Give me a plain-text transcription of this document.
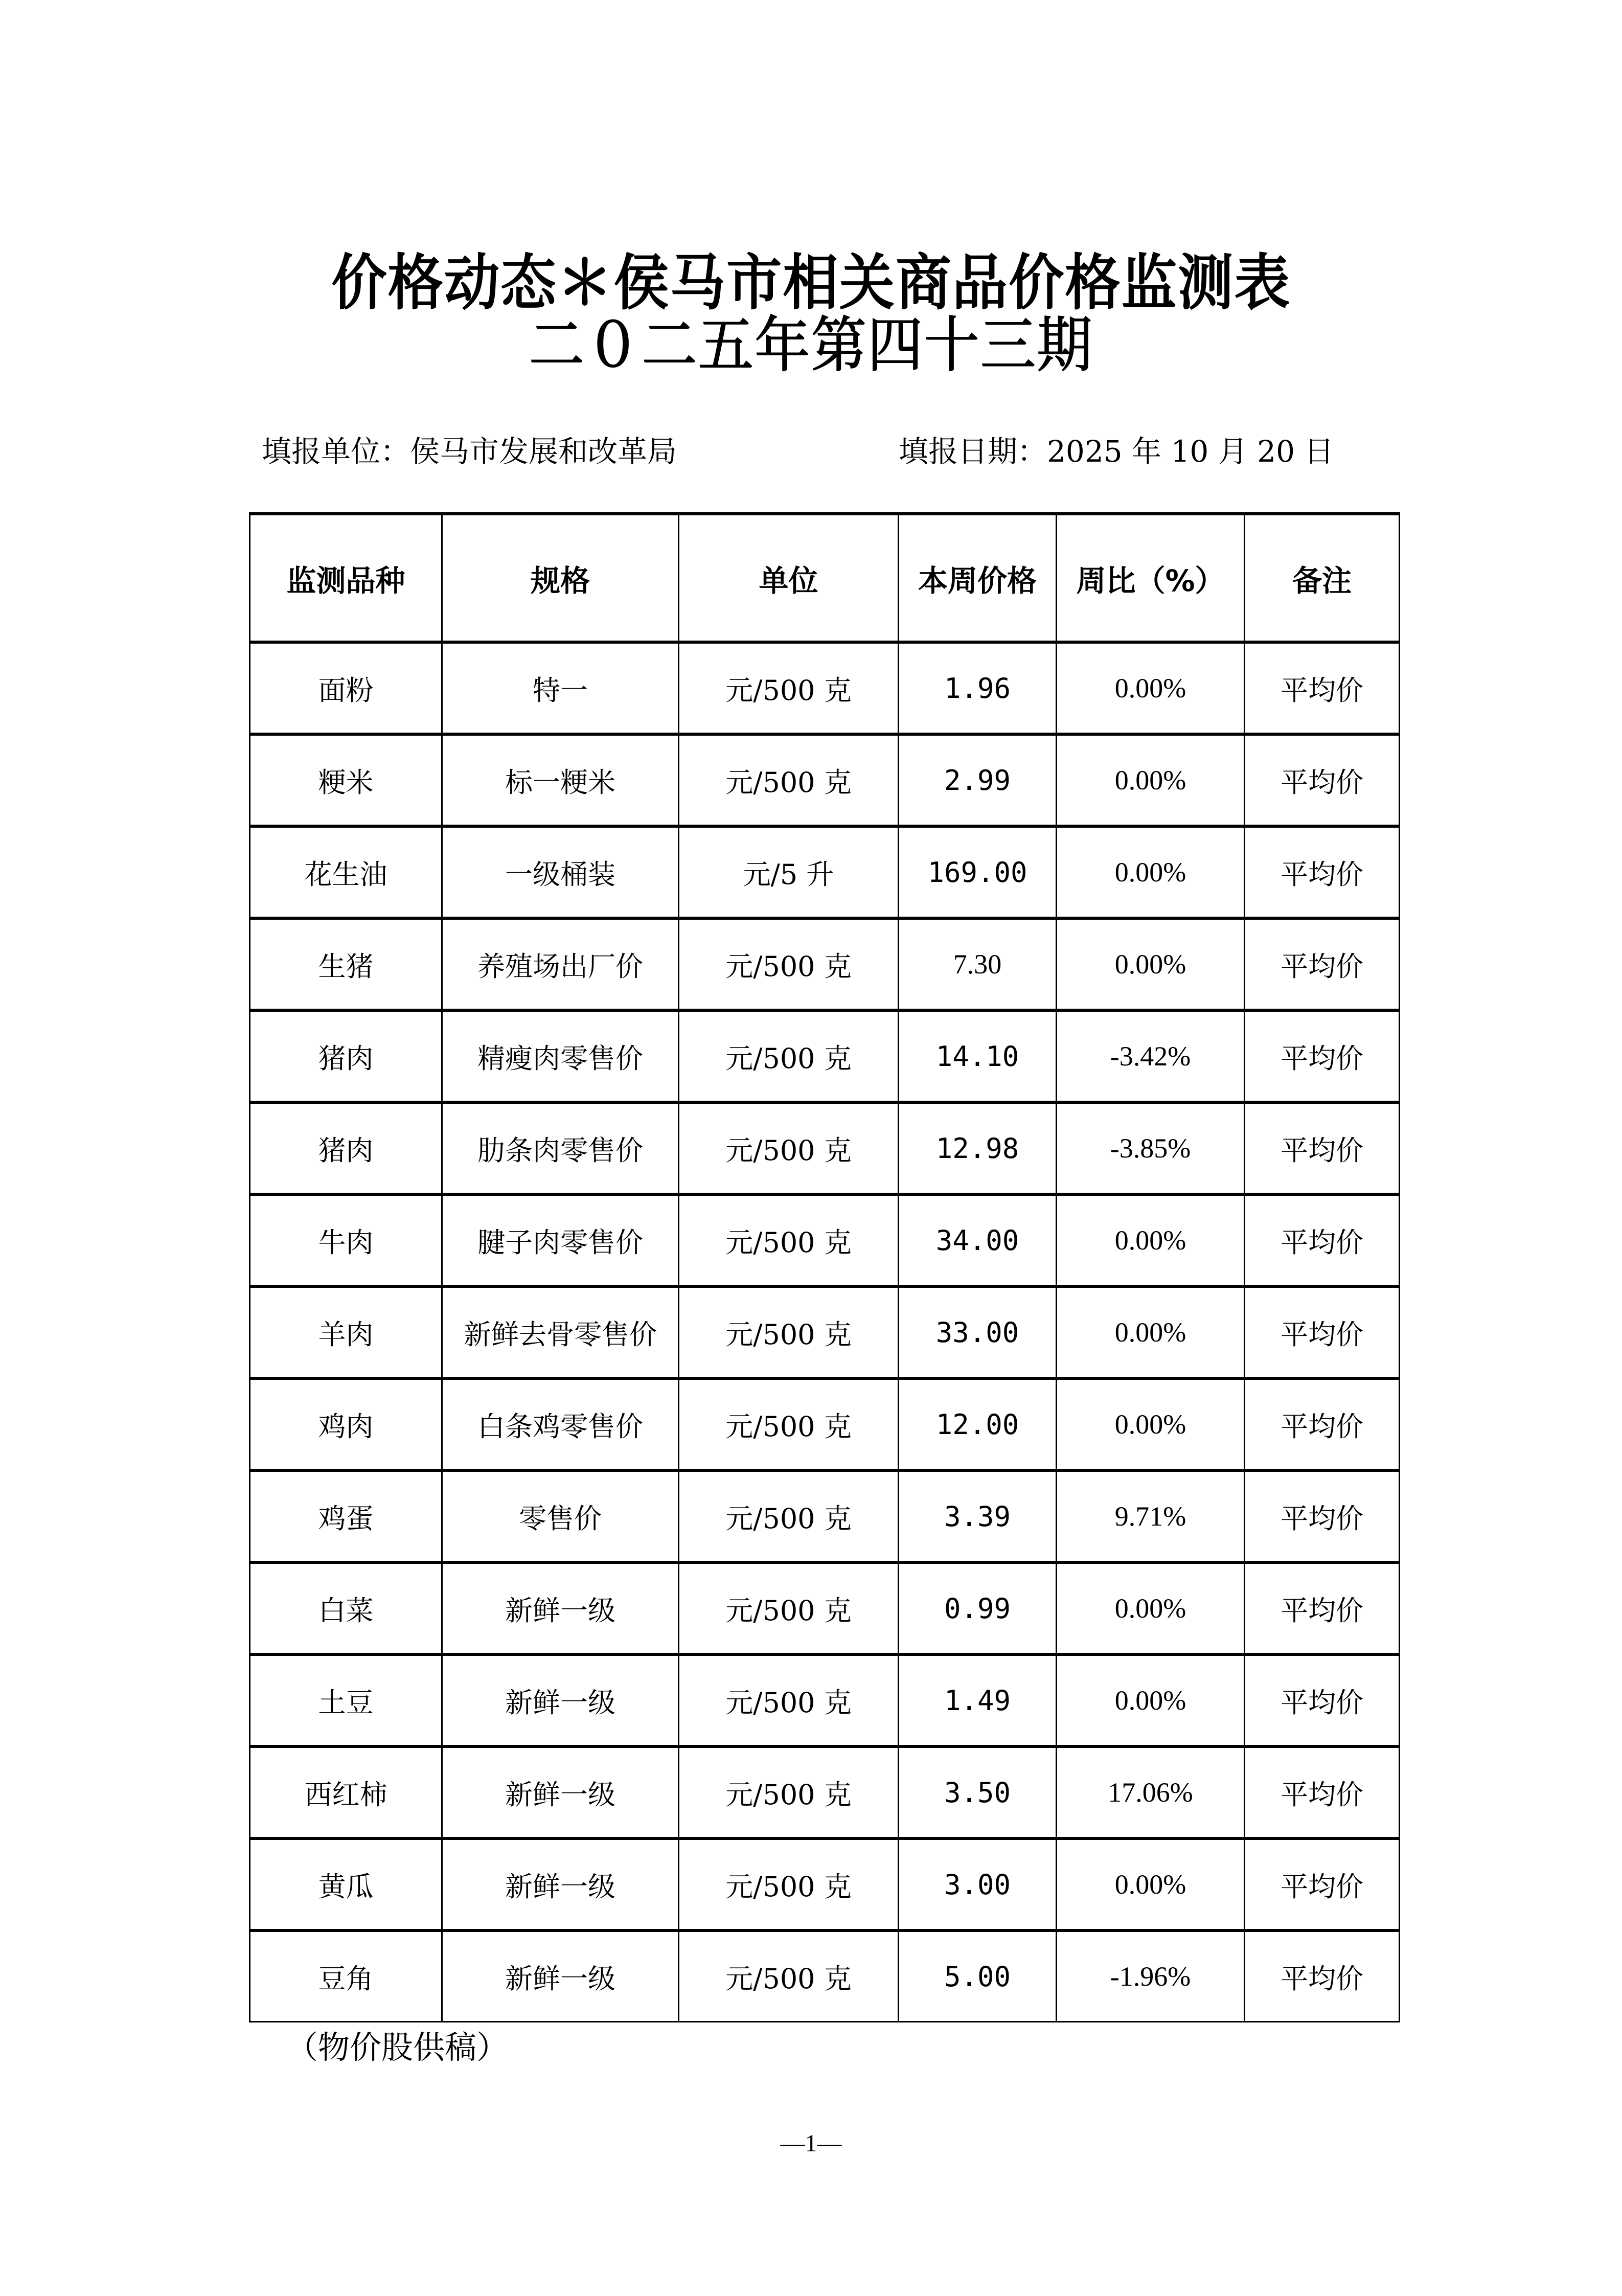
价格动态＊侯马市相关商品价格监测表
二０二五年第四十三期
填报单位：侯马市发展和改革局	填报日期：2025 年 10 月 20 日
监测品种	规格	单位	本周价格	周比（%）	备注
面粉	特一	元/500 克	1.96	0.00%	平均价
粳米	标一粳米	元/500 克	2.99	0.00%	平均价
花生油	一级桶装	元/5 升	169.00	0.00%	平均价
生猪	养殖场出厂价	元/500 克	7.30	0.00%	平均价
猪肉	精瘦肉零售价	元/500 克	14.10	-3.42%	平均价
猪肉	肋条肉零售价	元/500 克	12.98	-3.85%	平均价
牛肉	腱子肉零售价	元/500 克	34.00	0.00%	平均价
羊肉	新鲜去骨零售价	元/500 克	33.00	0.00%	平均价
鸡肉	白条鸡零售价	元/500 克	12.00	0.00%	平均价
鸡蛋	零售价	元/500 克	3.39	9.71%	平均价
白菜	新鲜一级	元/500 克	0.99	0.00%	平均价
土豆	新鲜一级	元/500 克	1.49	0.00%	平均价
西红柿	新鲜一级	元/500 克	3.50	17.06%	平均价
黄瓜	新鲜一级	元/500 克	3.00	0.00%	平均价
豆角	新鲜一级	元/500 克	5.00	-1.96%	平均价
（物价股供稿）
—1—
